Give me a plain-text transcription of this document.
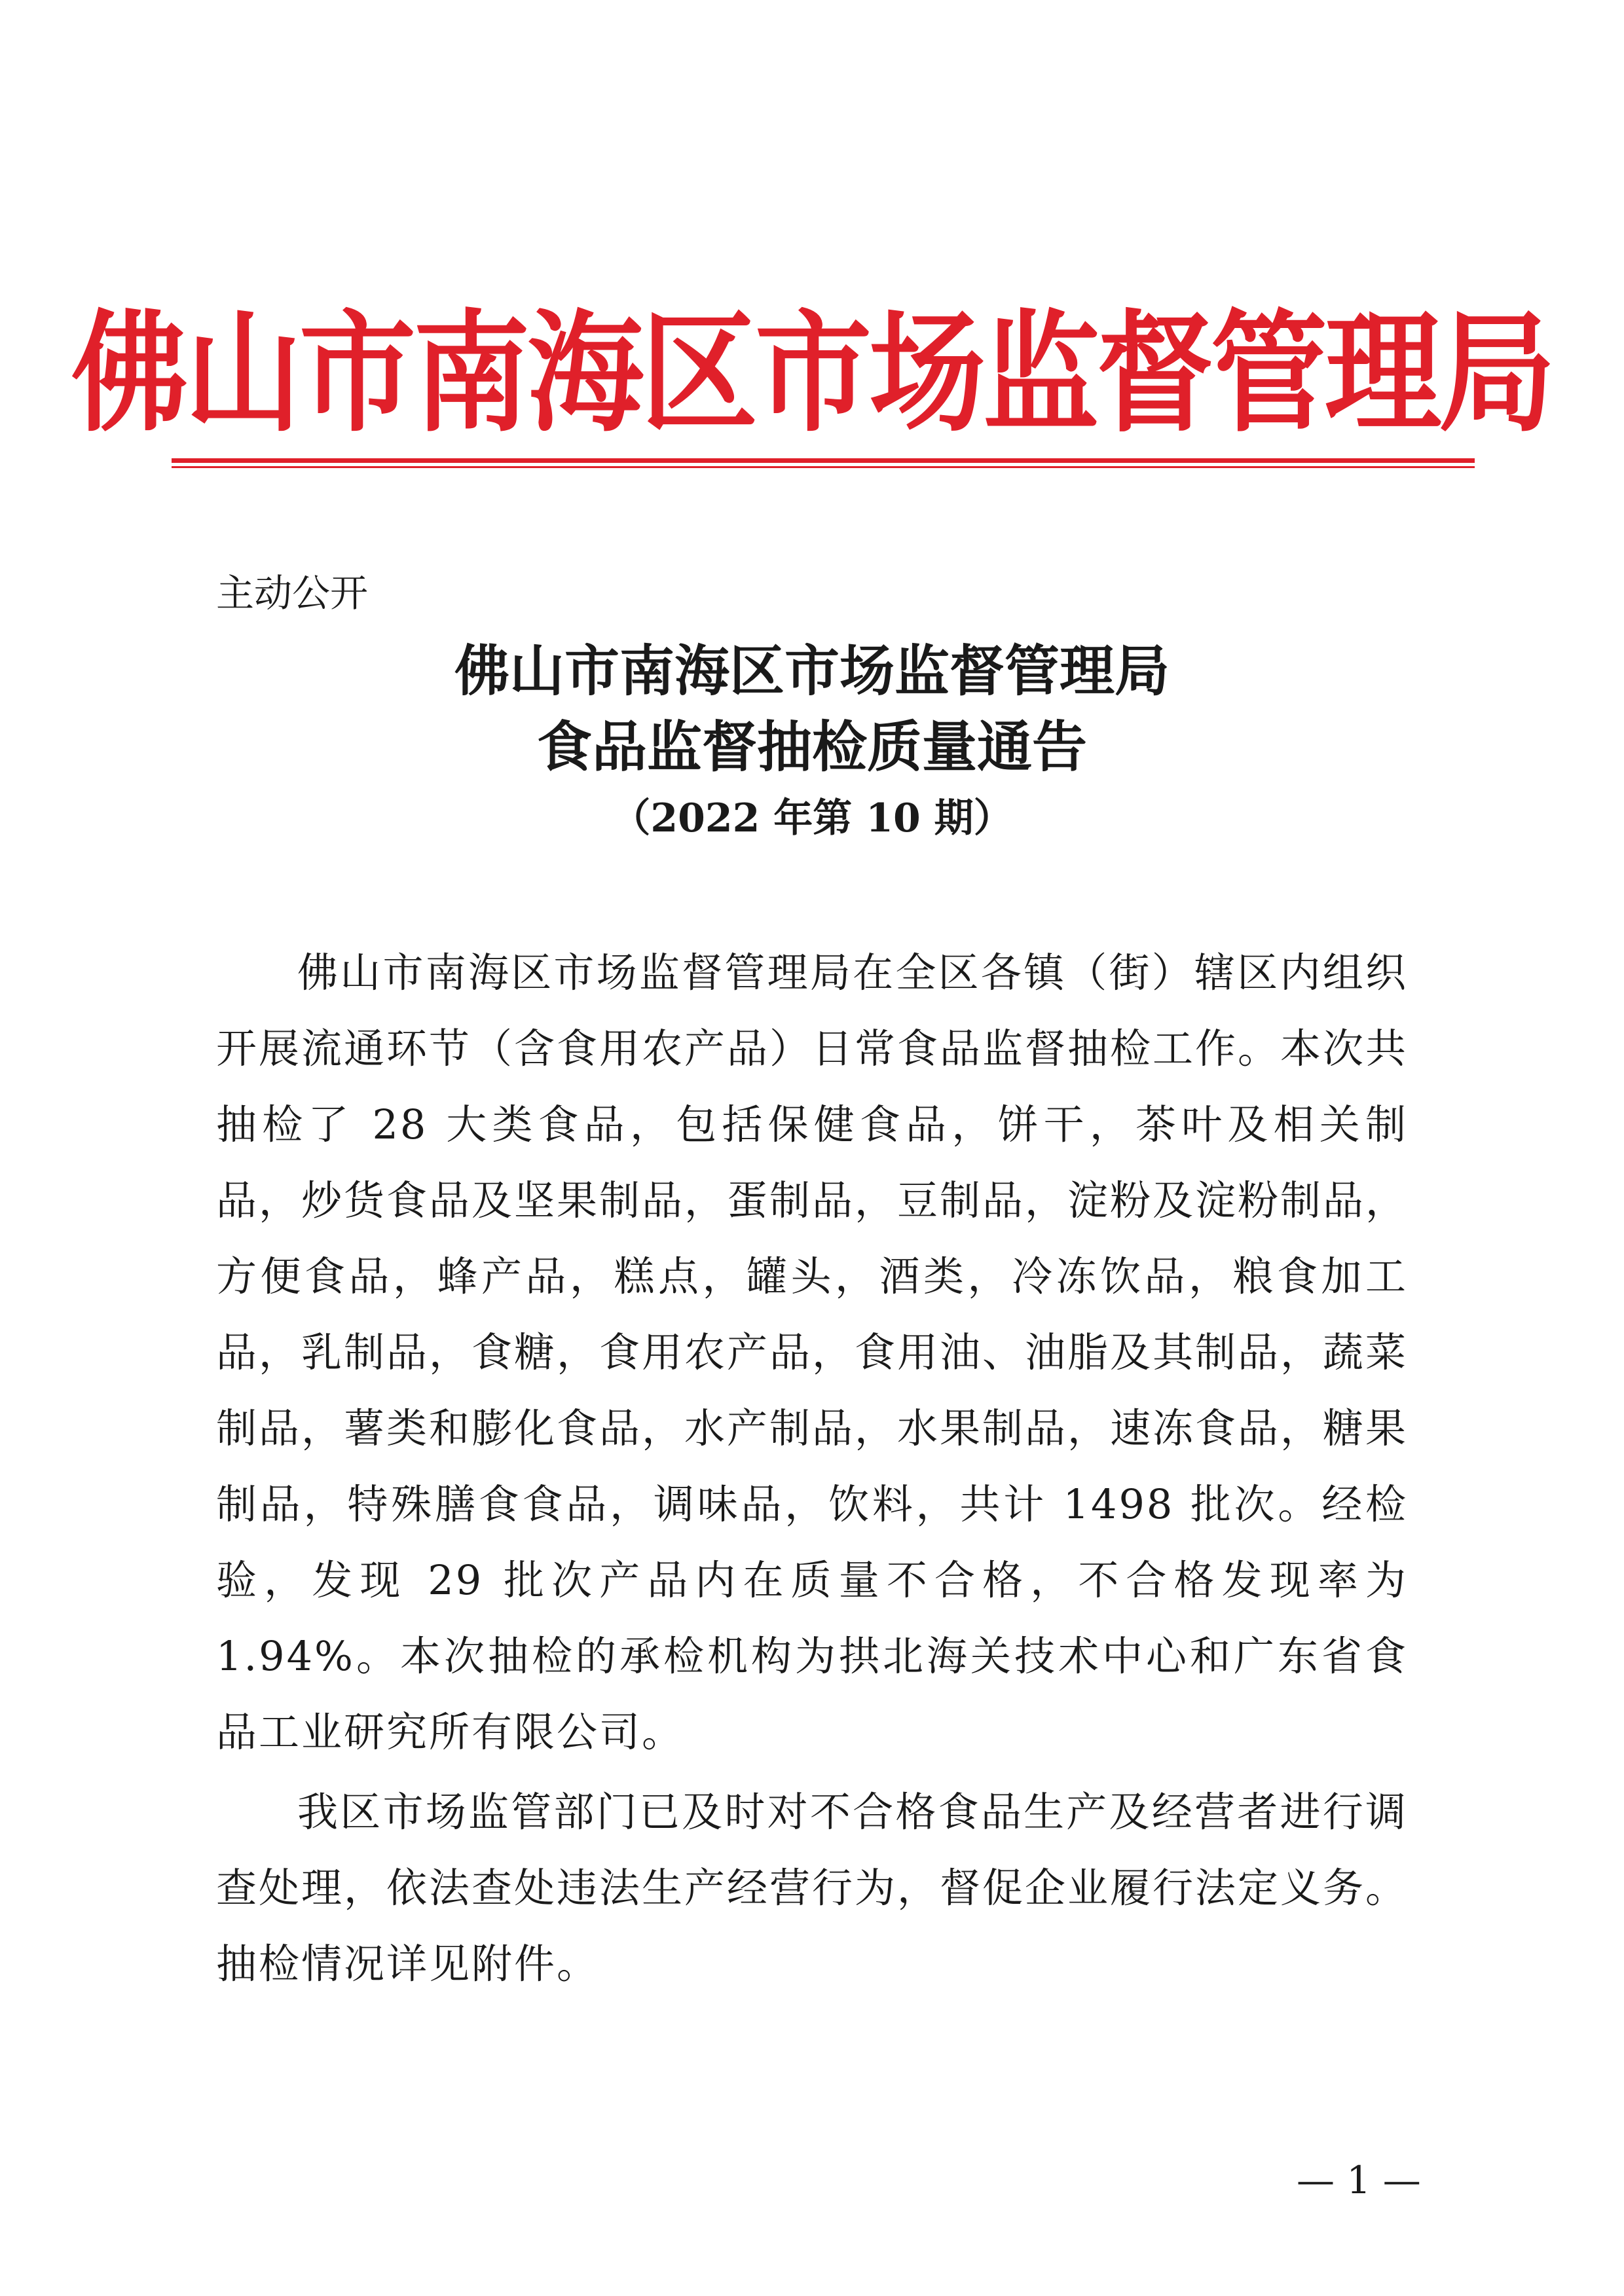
佛山市南海区市场监督管理局
主动公开
佛山市南海区市场监督管理局
食品监督抽检质量通告
（2022 年第 10 期）

佛山市南海区市场监督管理局在全区各镇（街）辖区内组织开展流通环节（含食用农产品）日常食品监督抽检工作。本次共抽检了 28 大类食品，包括保健食品，饼干，茶叶及相关制品，炒货食品及坚果制品，蛋制品，豆制品，淀粉及淀粉制品，方便食品，蜂产品，糕点，罐头，酒类，冷冻饮品，粮食加工品，乳制品，食糖，食用农产品，食用油、油脂及其制品，蔬菜制品，薯类和膨化食品，水产制品，水果制品，速冻食品，糖果制品，特殊膳食食品，调味品，饮料，共计 1498 批次。经检验，发现 29 批次产品内在质量不合格，不合格发现率为 1.94%。本次抽检的承检机构为拱北海关技术中心和广东省食品工业研究所有限公司。

我区市场监管部门已及时对不合格食品生产及经营者进行调查处理，依法查处违法生产经营行为，督促企业履行法定义务。抽检情况详见附件。

— 1 —
